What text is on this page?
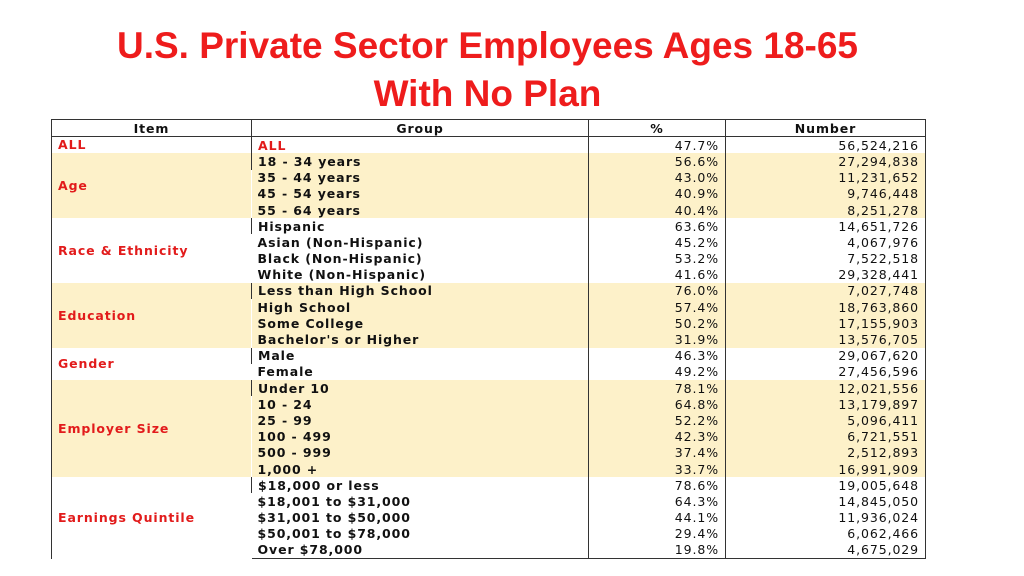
U.S. Private Sector Employees Ages 18-65
With No Plan
Item	Group	%	Number
ALL	ALL	47.7%	56,524,216
Age	18 - 34 years	56.6%	27,294,838
	35 - 44 years	43.0%	11,231,652
	45 - 54 years	40.9%	9,746,448
	55 - 64 years	40.4%	8,251,278
Race & Ethnicity	Hispanic	63.6%	14,651,726
	Asian (Non-Hispanic)	45.2%	4,067,976
	Black (Non-Hispanic)	53.2%	7,522,518
	White (Non-Hispanic)	41.6%	29,328,441
Education	Less than High School	76.0%	7,027,748
	High School	57.4%	18,763,860
	Some College	50.2%	17,155,903
	Bachelor's or Higher	31.9%	13,576,705
Gender	Male	46.3%	29,067,620
	Female	49.2%	27,456,596
Employer Size	Under 10	78.1%	12,021,556
	10 - 24	64.8%	13,179,897
	25 - 99	52.2%	5,096,411
	100 - 499	42.3%	6,721,551
	500 - 999	37.4%	2,512,893
	1,000 +	33.7%	16,991,909
Earnings Quintile	$18,000 or less	78.6%	19,005,648
	$18,001 to $31,000	64.3%	14,845,050
	$31,001 to $50,000	44.1%	11,936,024
	$50,001 to $78,000	29.4%	6,062,466
	Over $78,000	19.8%	4,675,029
